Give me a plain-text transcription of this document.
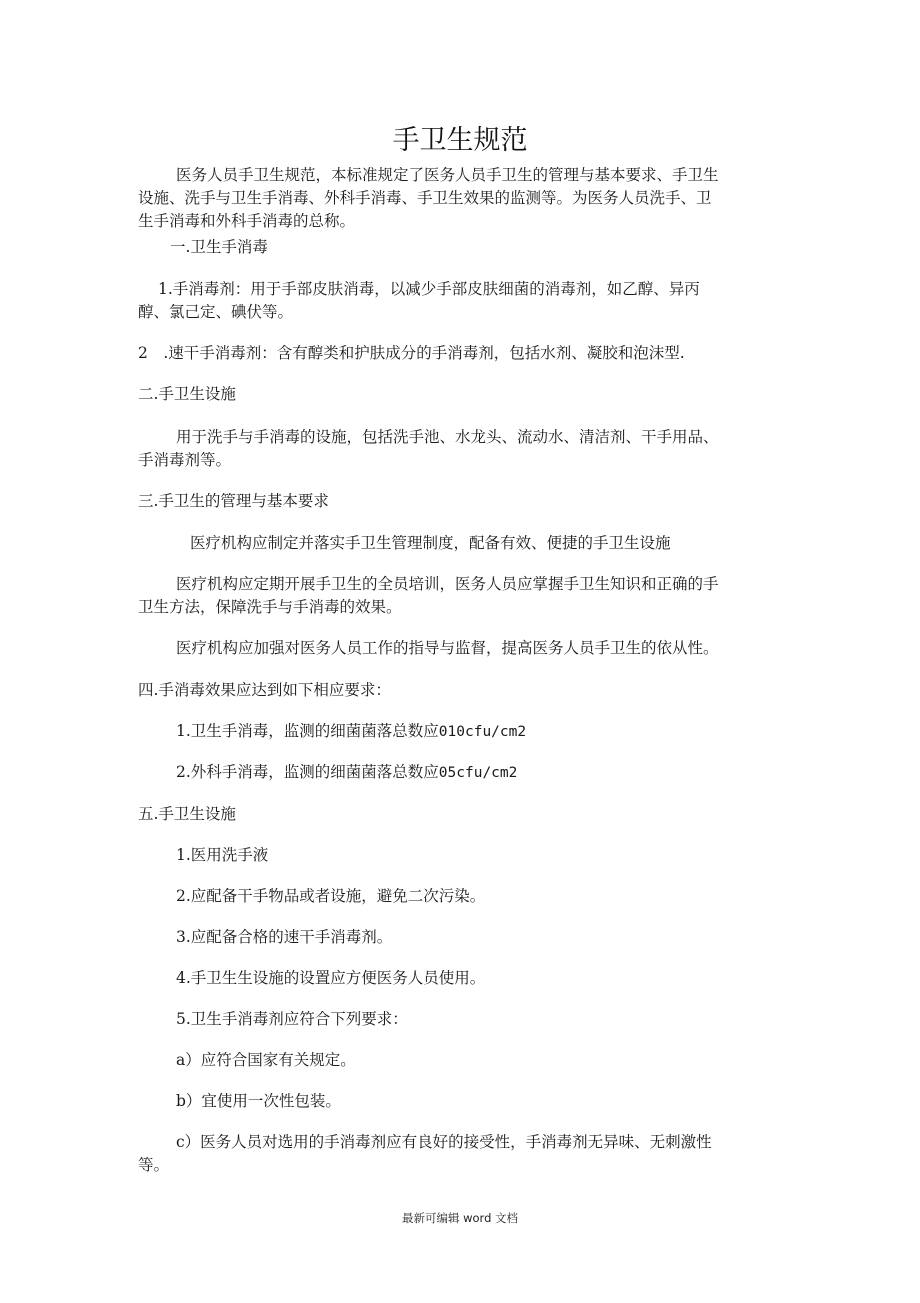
手卫生规范
医务人员手卫生规范，本标准规定了医务人员手卫生的管理与基本要求、手卫生
设施、洗手与卫生手消毒、外科手消毒、手卫生效果的监测等。为医务人员洗手、卫
生手消毒和外科手消毒的总称。
一.卫生手消毒
1.手消毒剂：用于手部皮肤消毒，以减少手部皮肤细菌的消毒剂，如乙醇、异丙
醇、氯己定、碘伏等。
2　.速干手消毒剂：含有醇类和护肤成分的手消毒剂，包括水剂、凝胶和泡沫型.
二.手卫生设施
用于洗手与手消毒的设施，包括洗手池、水龙头、流动水、清洁剂、干手用品、
手消毒剂等。
三.手卫生的管理与基本要求
医疗机构应制定并落实手卫生管理制度，配备有效、便捷的手卫生设施
医疗机构应定期开展手卫生的全员培训，医务人员应掌握手卫生知识和正确的手
卫生方法，保障洗手与手消毒的效果。
医疗机构应加强对医务人员工作的指导与监督，提高医务人员手卫生的依从性。
四.手消毒效果应达到如下相应要求：
1.卫生手消毒，监测的细菌菌落总数应010cfu/cm2
2.外科手消毒，监测的细菌菌落总数应05cfu/cm2
五.手卫生设施
1.医用洗手液
2.应配备干手物品或者设施，避免二次污染。
3.应配备合格的速干手消毒剂。
4.手卫生生设施的设置应方便医务人员使用。
5.卫生手消毒剂应符合下列要求：
a）应符合国家有关规定。
b）宜使用一次性包装。
c）医务人员对选用的手消毒剂应有良好的接受性，手消毒剂无异味、无刺激性
等。
最新可编辑 word 文档
